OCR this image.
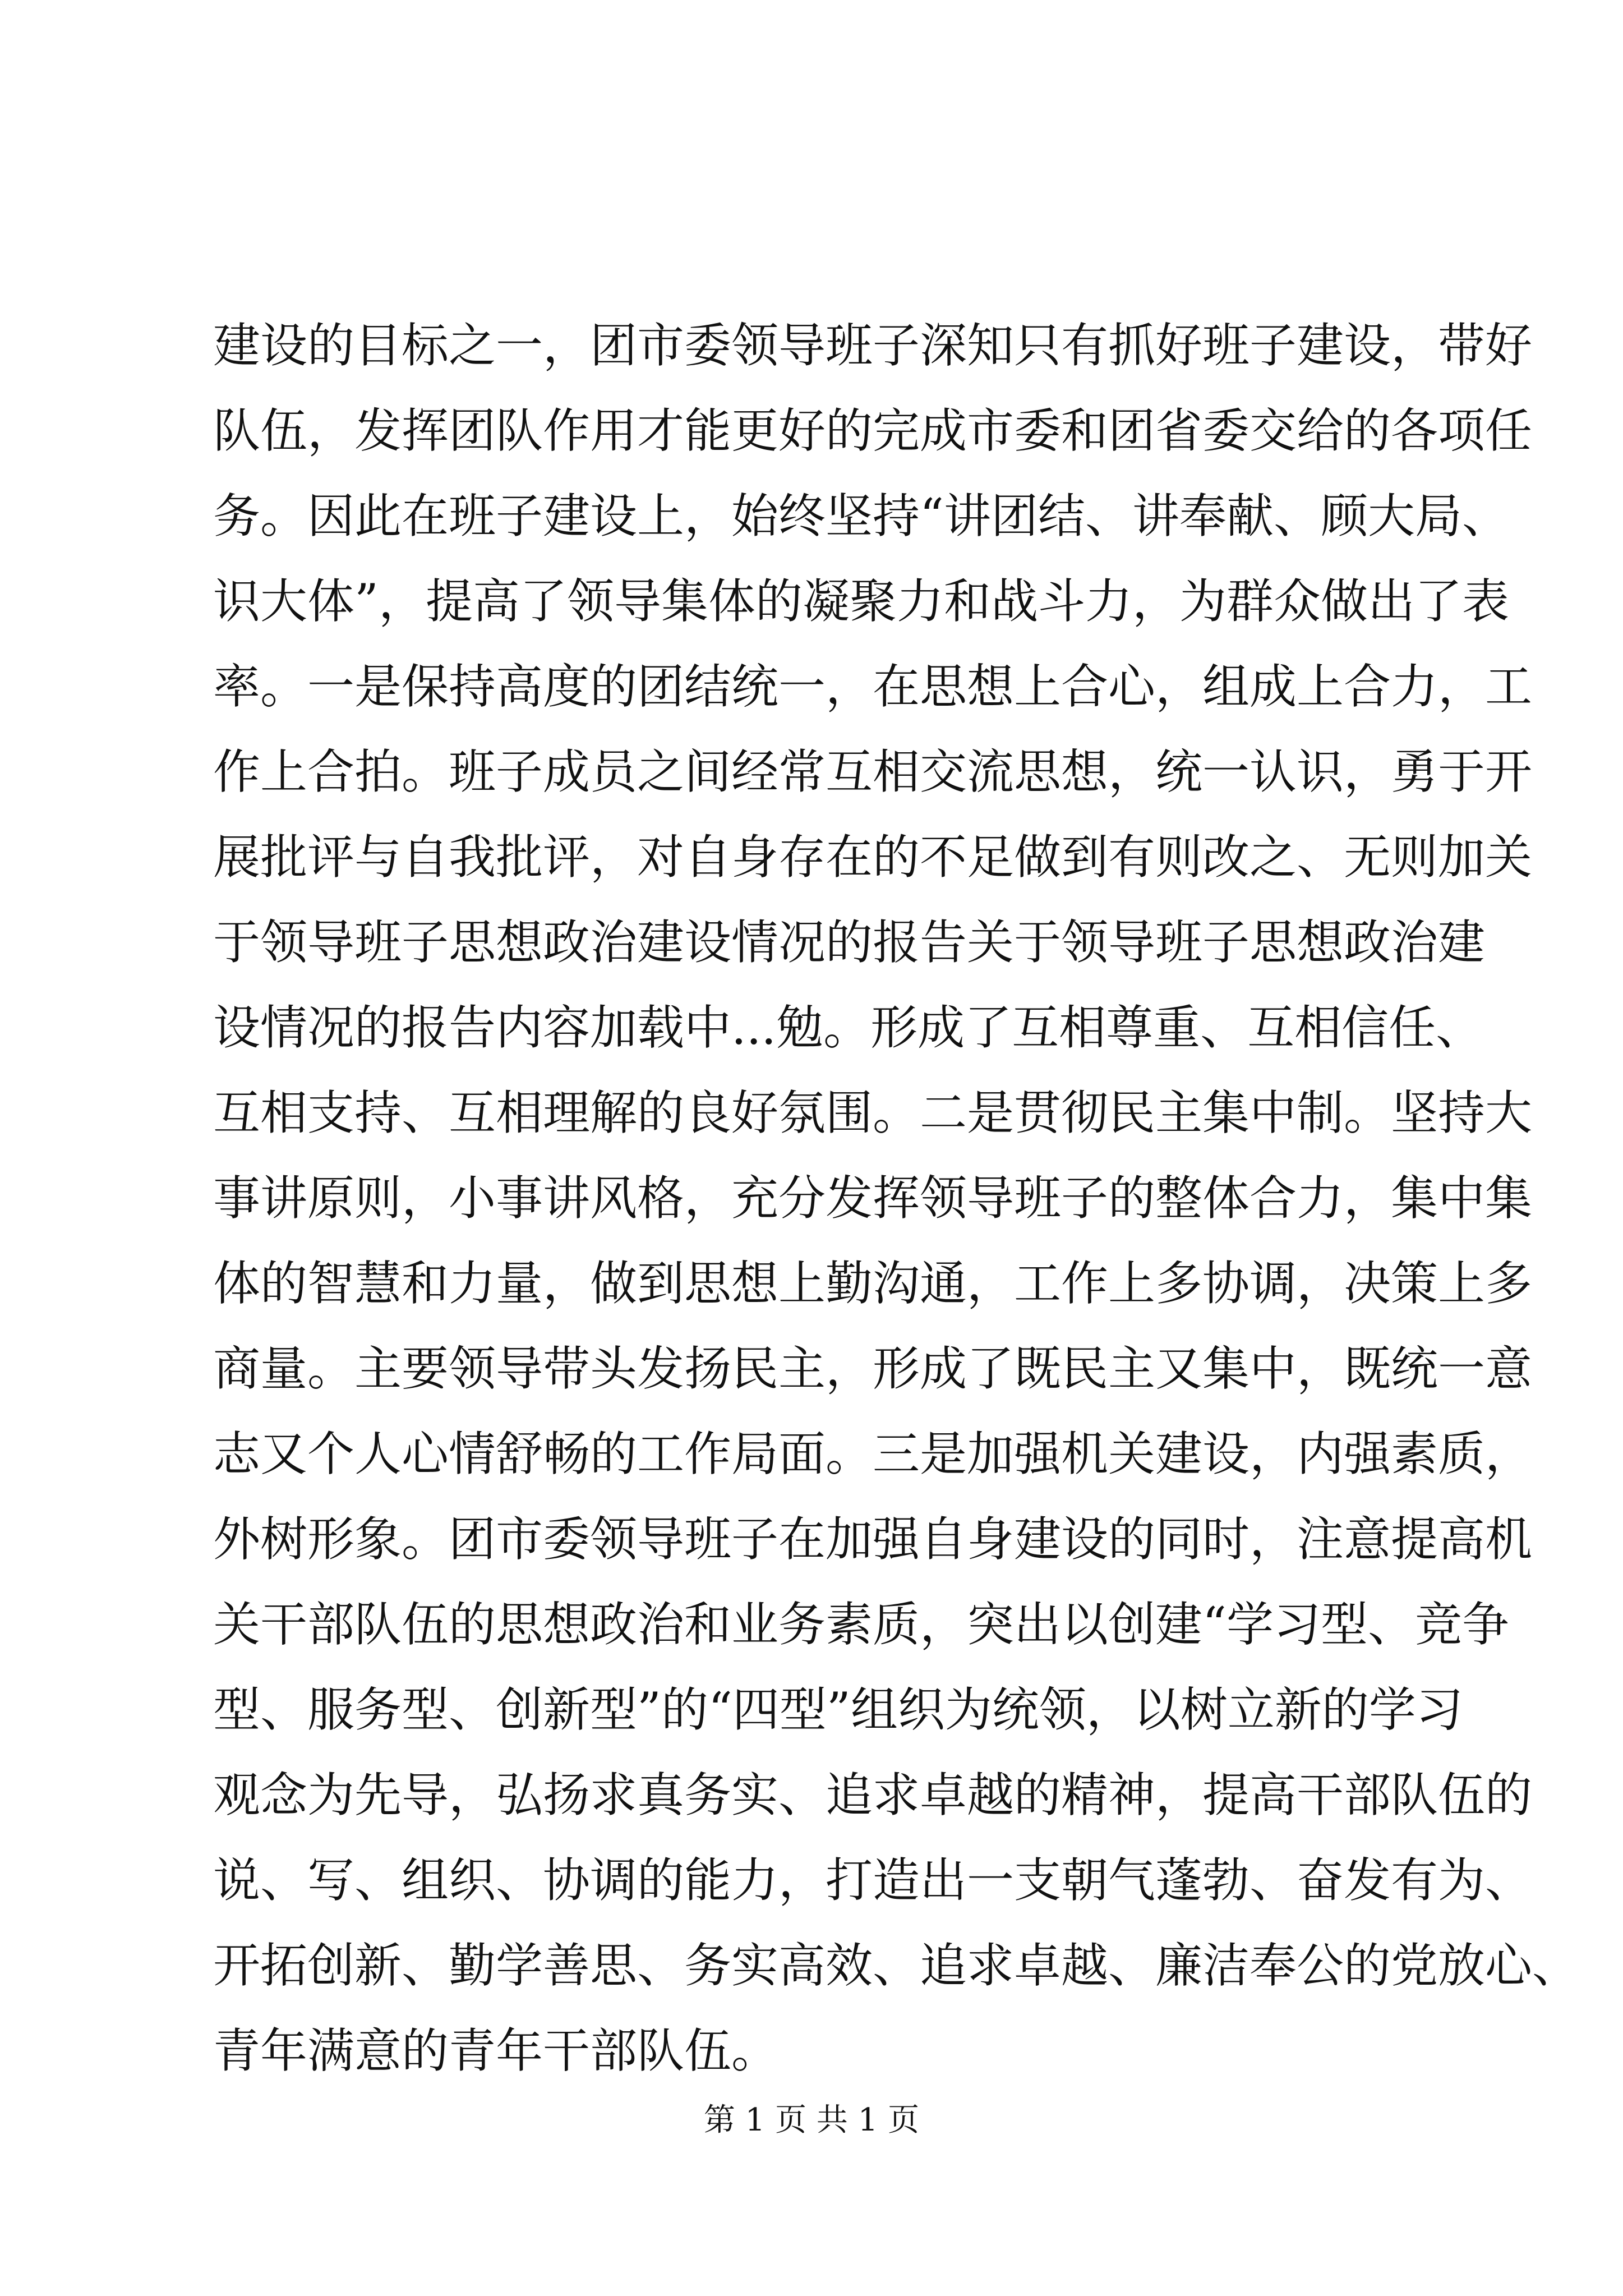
建设的目标之一，团市委领导班子深知只有抓好班子建设，带好
队伍，发挥团队作用才能更好的完成市委和团省委交给的各项任
务。因此在班子建设上，始终坚持“讲团结、讲奉献、顾大局、
识大体”，提高了领导集体的凝聚力和战斗力，为群众做出了表
率。一是保持高度的团结统一，在思想上合心，组成上合力，工
作上合拍。班子成员之间经常互相交流思想，统一认识，勇于开
展批评与自我批评，对自身存在的不足做到有则改之、无则加关
于领导班子思想政治建设情况的报告关于领导班子思想政治建
设情况的报告内容加载中...勉。形成了互相尊重、互相信任、
互相支持、互相理解的良好氛围。二是贯彻民主集中制。坚持大
事讲原则，小事讲风格，充分发挥领导班子的整体合力，集中集
体的智慧和力量，做到思想上勤沟通，工作上多协调，决策上多
商量。主要领导带头发扬民主，形成了既民主又集中，既统一意
志又个人心情舒畅的工作局面。三是加强机关建设，内强素质，
外树形象。团市委领导班子在加强自身建设的同时，注意提高机
关干部队伍的思想政治和业务素质，突出以创建“学习型、竞争
型、服务型、创新型”的“四型”组织为统领，以树立新的学习
观念为先导，弘扬求真务实、追求卓越的精神，提高干部队伍的
说、写、组织、协调的能力，打造出一支朝气蓬勃、奋发有为、
开拓创新、勤学善思、务实高效、追求卓越、廉洁奉公的党放心、
青年满意的青年干部队伍。
第 1 页 共 1 页
